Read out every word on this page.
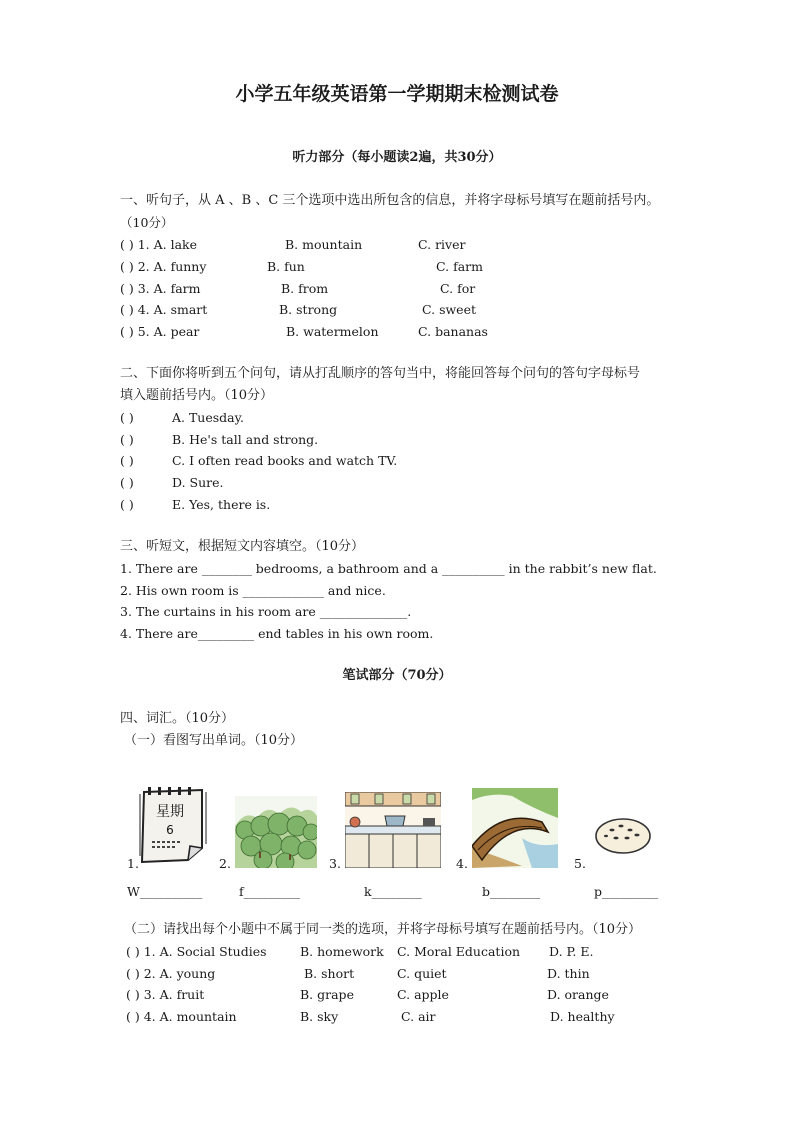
小学五年级英语第一学期期末检测试卷
听力部分（每小题读2遍，共30分）
一、听句子，从 A 、B 、C 三个选项中选出所包含的信息，并将字母标号填写在题前括号内。
（10分）
( ) 1. A. lake	B. mountain	C. river
( ) 2. A. funny	B. fun	C. farm
( ) 3. A. farm	B. from	C. for
( ) 4. A. smart	B. strong	C. sweet
( ) 5. A. pear	B. watermelon	C. bananas
二、下面你将听到五个问句，请从打乱顺序的答句当中，将能回答每个问句的答句字母标号
填入题前括号内。（10分）
( )	A. Tuesday.
( )	B. He's tall and strong.
( )	C. I often read books and watch TV.
( )	D. Sure.
( )	E. Yes, there is.
三、听短文，根据短文内容填空。（10分）
1. There are ________ bedrooms, a bathroom and a __________ in the rabbit’s new flat.
2. His own room is _____________ and nice.
3. The curtains in his room are ______________.
4. There are_________ end tables in his own room.
笔试部分（70分）
四、词汇。（10分）
（一）看图写出单词。（10分）
星期
6
1.	2.	3.	4.	5.
W__________	f_________	k________	b________	p_________
（二）请找出每个小题中不属于同一类的选项，并将字母标号填写在题前括号内。（10分）
( ) 1. A. Social Studies	B. homework C. Moral Education D. P. E.
( ) 2. A. young	B. short	C. quiet	D. thin
( ) 3. A. fruit	B. grape	C. apple	D. orange
( ) 4. A. mountain	B. sky	C. air	D. healthy
